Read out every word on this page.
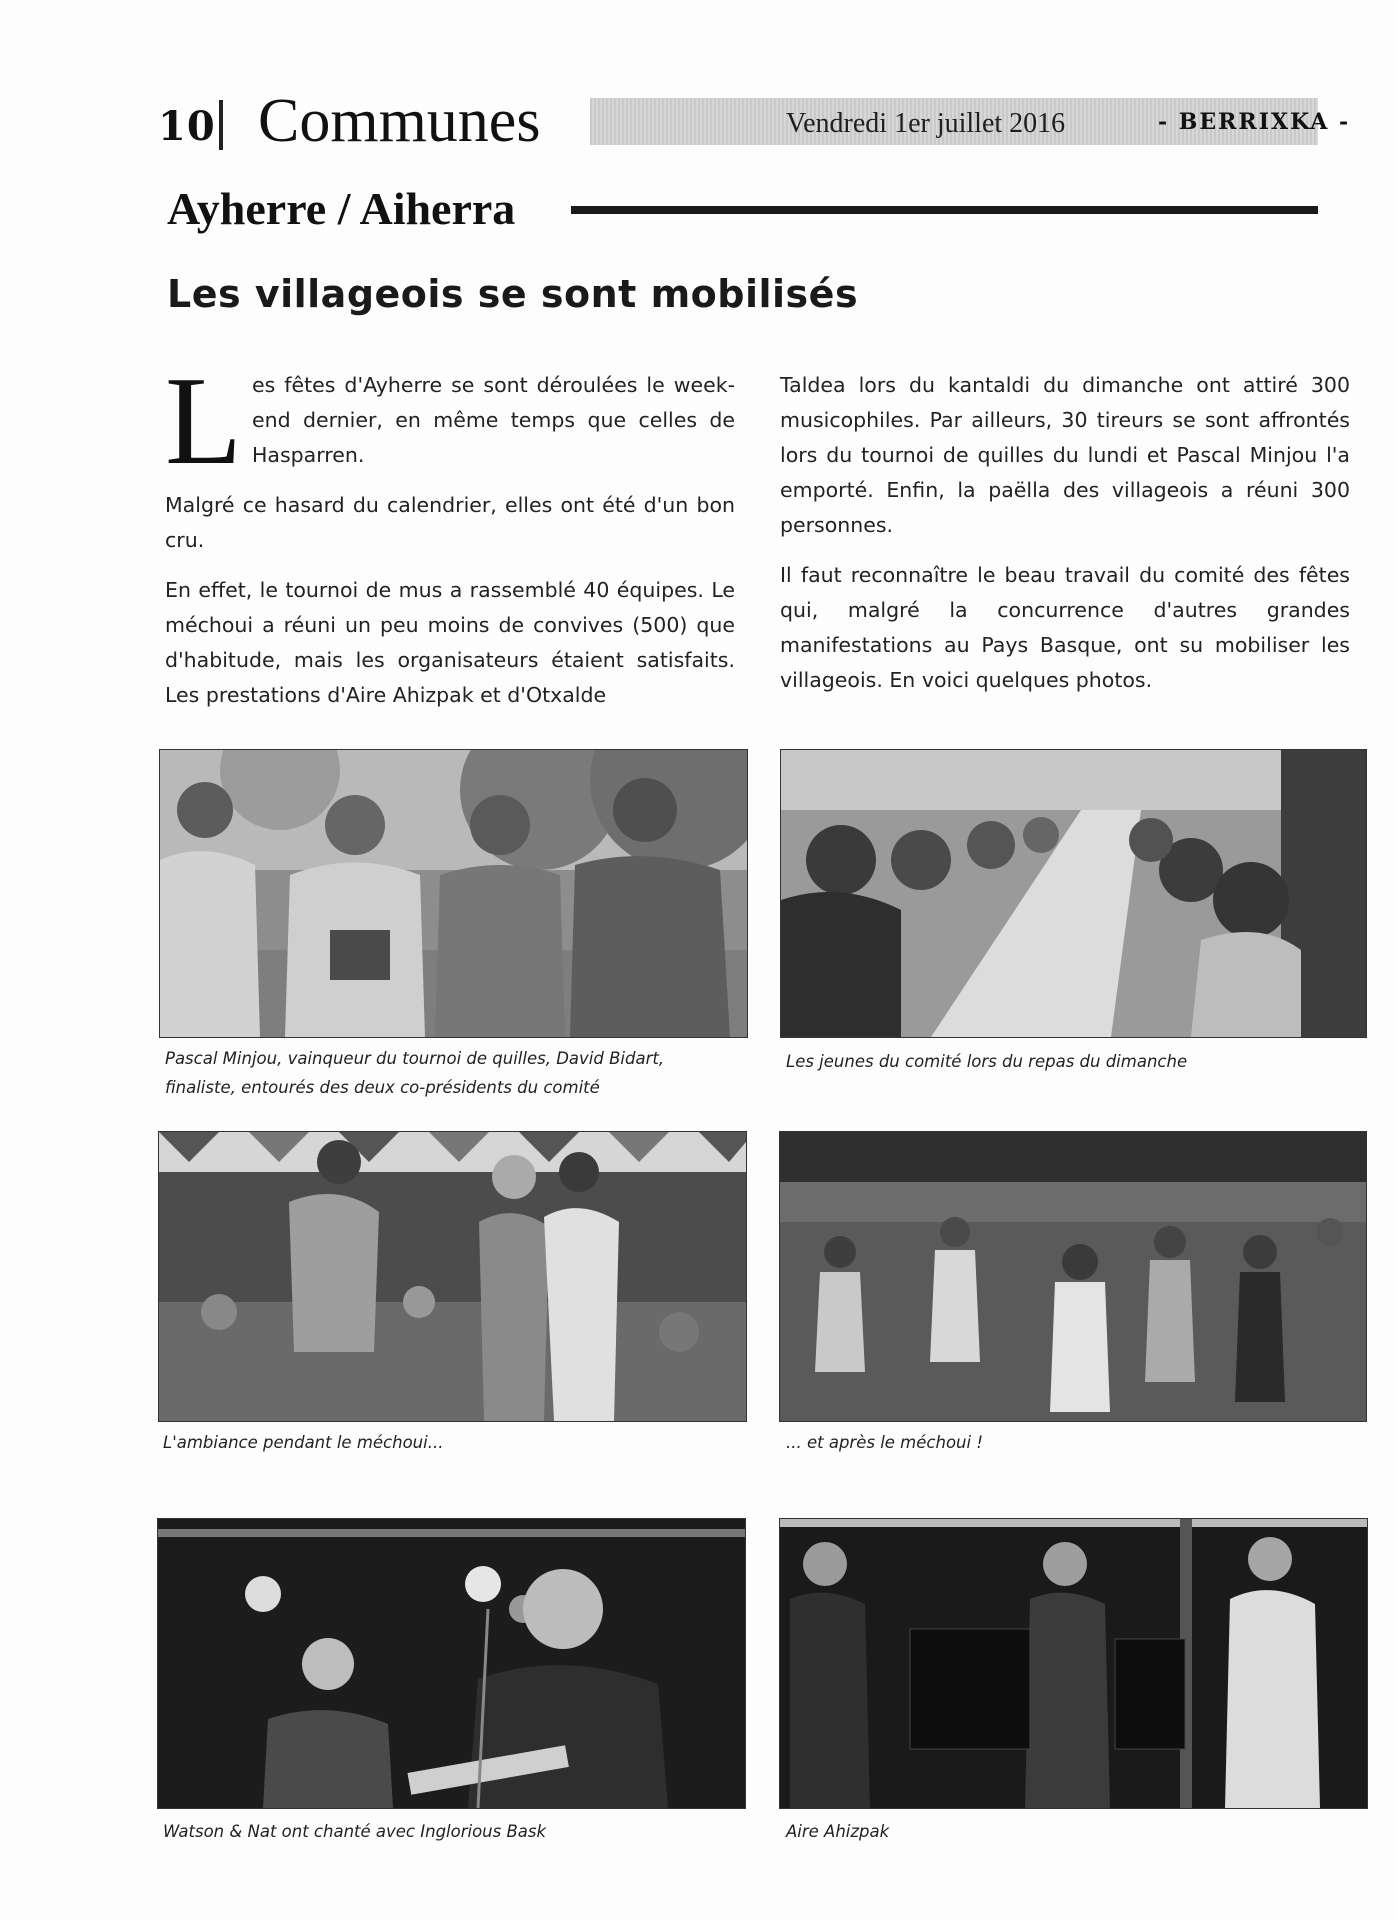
10 Communes	Vendredi 1er juillet 2016	- BERRIXKA -
Ayherre / Aiherra
Les villageois se sont mobilisés

Les fêtes d'Ayherre se sont déroulées le week-end dernier, en même temps que celles de Hasparren.

Malgré ce hasard du calendrier, elles ont été d'un bon cru.

En effet, le tournoi de mus a rassemblé 40 équipes. Le méchoui a réuni un peu moins de convives (500) que d'habitude, mais les organisateurs étaient satisfaits. Les prestations d'Aire Ahizpak et d'Otxalde

Taldea lors du kantaldi du dimanche ont attiré 300 musicophiles. Par ailleurs, 30 tireurs se sont affrontés lors du tournoi de quilles du lundi et Pascal Minjou l'a emporté. Enfin, la paëlla des villageois a réuni 300 personnes.

Il faut reconnaître le beau travail du comité des fêtes qui, malgré la concurrence d'autres grandes manifestations au Pays Basque, ont su mobiliser les villageois. En voici quelques photos.

Pascal Minjou, vainqueur du tournoi de quilles, David Bidart, finaliste, entourés des deux co-présidents du comité
Les jeunes du comité lors du repas du dimanche
L'ambiance pendant le méchoui...	... et après le méchoui !
Watson & Nat ont chanté avec Inglorious Bask	Aire Ahizpak
